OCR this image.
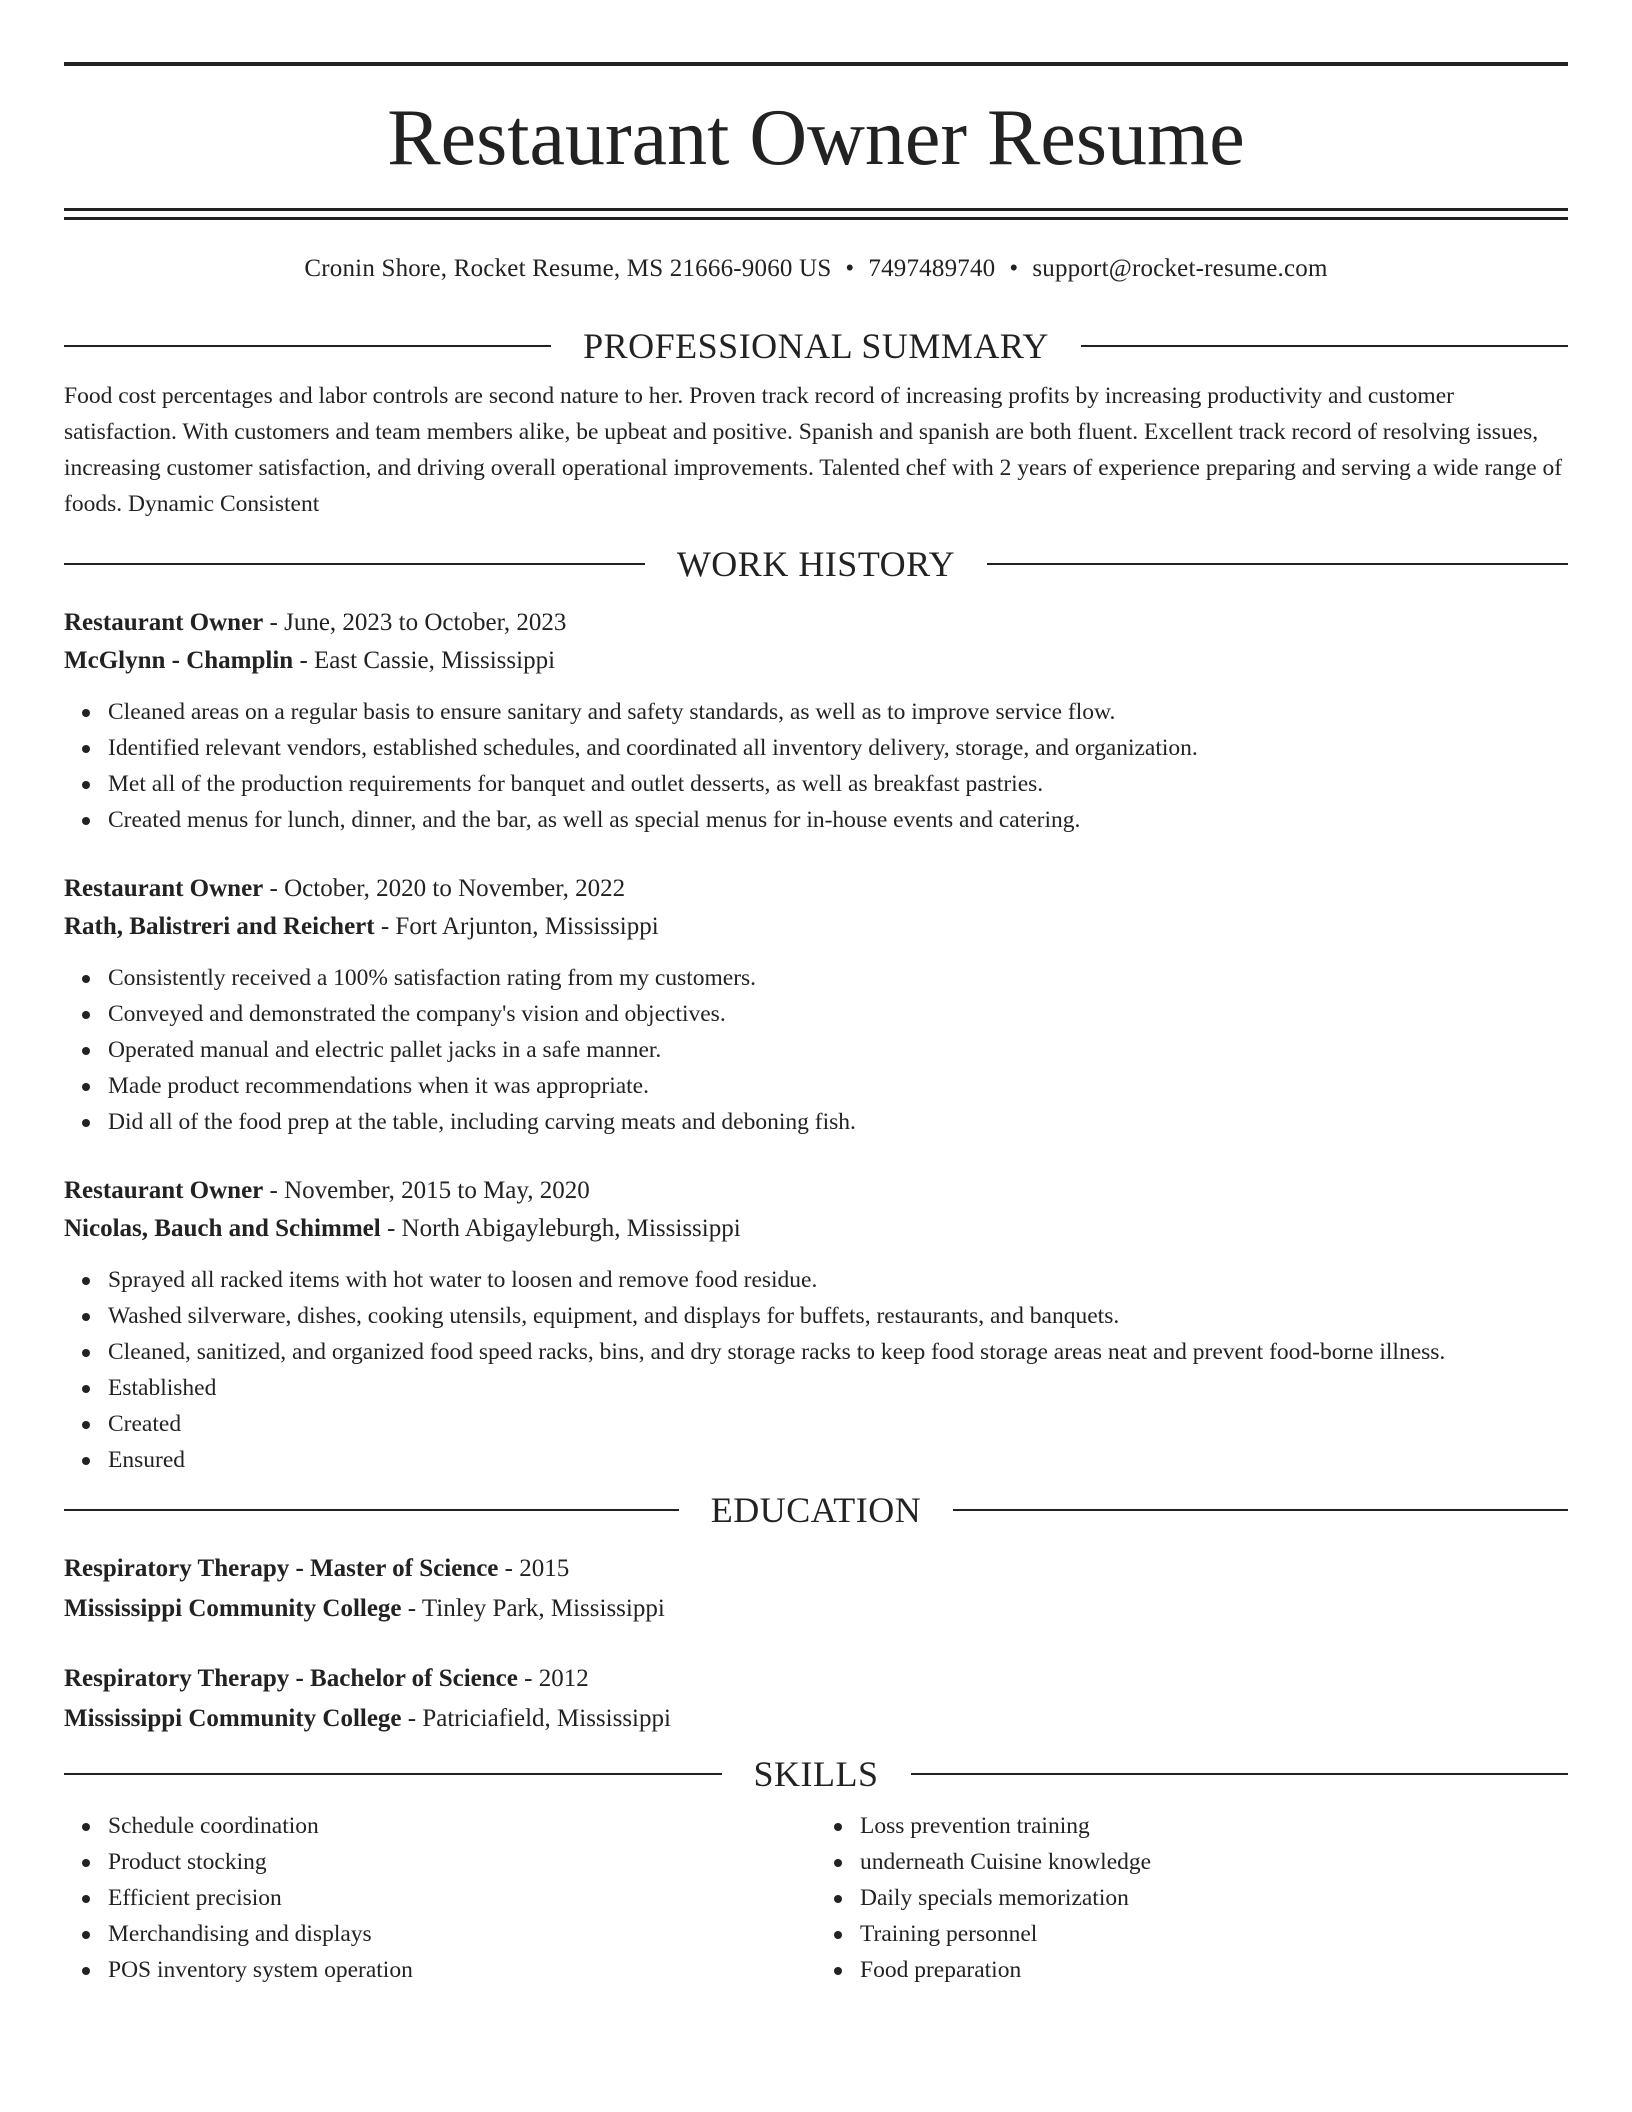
Restaurant Owner Resume
Cronin Shore, Rocket Resume, MS 21666-9060 US • 7497489740 • support@rocket-resume.com
PROFESSIONAL SUMMARY

Food cost percentages and labor controls are second nature to her. Proven track record of increasing profits by increasing productivity and customer satisfaction. With customers and team members alike, be upbeat and positive. Spanish and spanish are both fluent. Excellent track record of resolving issues, increasing customer satisfaction, and driving overall operational improvements. Talented chef with 2 years of experience preparing and serving a wide range of foods. Dynamic Consistent

WORK HISTORY
Restaurant Owner - June, 2023 to October, 2023
McGlynn - Champlin - East Cassie, Mississippi
Cleaned areas on a regular basis to ensure sanitary and safety standards, as well as to improve service flow.
Identified relevant vendors, established schedules, and coordinated all inventory delivery, storage, and organization.
Met all of the production requirements for banquet and outlet desserts, as well as breakfast pastries.
Created menus for lunch, dinner, and the bar, as well as special menus for in-house events and catering.
Restaurant Owner - October, 2020 to November, 2022
Rath, Balistreri and Reichert - Fort Arjunton, Mississippi
Consistently received a 100% satisfaction rating from my customers.
Conveyed and demonstrated the company's vision and objectives.
Operated manual and electric pallet jacks in a safe manner.
Made product recommendations when it was appropriate.
Did all of the food prep at the table, including carving meats and deboning fish.
Restaurant Owner - November, 2015 to May, 2020
Nicolas, Bauch and Schimmel - North Abigayleburgh, Mississippi
Sprayed all racked items with hot water to loosen and remove food residue.
Washed silverware, dishes, cooking utensils, equipment, and displays for buffets, restaurants, and banquets.
Cleaned, sanitized, and organized food speed racks, bins, and dry storage racks to keep food storage areas neat and prevent food-borne illness.
Established
Created
Ensured
EDUCATION
Respiratory Therapy - Master of Science - 2015
Mississippi Community College - Tinley Park, Mississippi
Respiratory Therapy - Bachelor of Science - 2012
Mississippi Community College - Patriciafield, Mississippi
SKILLS
Schedule coordination
Product stocking
Efficient precision
Merchandising and displays
POS inventory system operation
Loss prevention training
underneath Cuisine knowledge
Daily specials memorization
Training personnel
Food preparation
